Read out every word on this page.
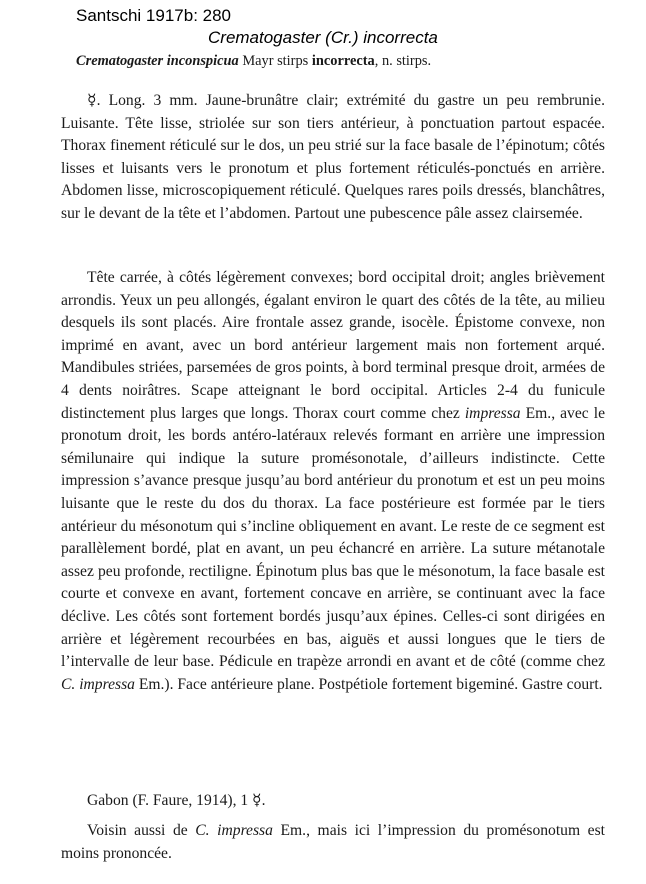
Santschi 1917b: 280
Crematogaster (Cr.) incorrecta
Crematogaster inconspicua Mayr stirps incorrecta, n. stirps.

☿. Long. 3 mm. Jaune-brunâtre clair; extrémité du gastre un peu rembrunie. Luisante. Tête lisse, striolée sur son tiers antérieur, à ponctuation partout espacée. Thorax finement réticulé sur le dos, un peu strié sur la face basale de l’épinotum; côtés lisses et luisants vers le pronotum et plus fortement réticulés-ponctués en arrière. Abdomen lisse, microscopiquement réticulé. Quelques rares poils dressés, blanchâtres, sur le devant de la tête et l’abdomen. Partout une pubescence pâle assez clairsemée.

Tête carrée, à côtés légèrement convexes; bord occipital droit; angles brièvement arrondis. Yeux un peu allongés, égalant environ le quart des côtés de la tête, au milieu desquels ils sont placés. Aire frontale assez grande, isocèle. Épistome convexe, non imprimé en avant, avec un bord antérieur largement mais non fortement arqué. Mandibules striées, parsemées de gros points, à bord terminal presque droit, armées de 4 dents noirâtres. Scape atteignant le bord occipital. Articles 2-4 du funicule distinctement plus larges que longs. Thorax court comme chez impressa Em., avec le pronotum droit, les bords antéro-latéraux relevés formant en arrière une impression sémilunaire qui indique la suture promésonotale, d’ailleurs indistincte. Cette impression s’avance presque jusqu’au bord antérieur du pronotum et est un peu moins luisante que le reste du dos du thorax. La face postérieure est formée par le tiers antérieur du mésonotum qui s’incline obliquement en avant. Le reste de ce segment est parallèlement bordé, plat en avant, un peu échancré en arrière. La suture métanotale assez peu profonde, rectiligne. Épinotum plus bas que le mésonotum, la face basale est courte et convexe en avant, fortement concave en arrière, se continuant avec la face déclive. Les côtés sont fortement bordés jusqu’aux épines. Celles-ci sont dirigées en arrière et légèrement recourbées en bas, aiguës et aussi longues que le tiers de l’intervalle de leur base. Pédicule en trapèze arrondi en avant et de côté (comme chez C. impressa Em.). Face antérieure plane. Postpétiole fortement bigeminé. Gastre court.

Gabon (F. Faure, 1914), 1 ☿.

Voisin aussi de C. impressa Em., mais ici l’impression du promésonotum est moins prononcée.
